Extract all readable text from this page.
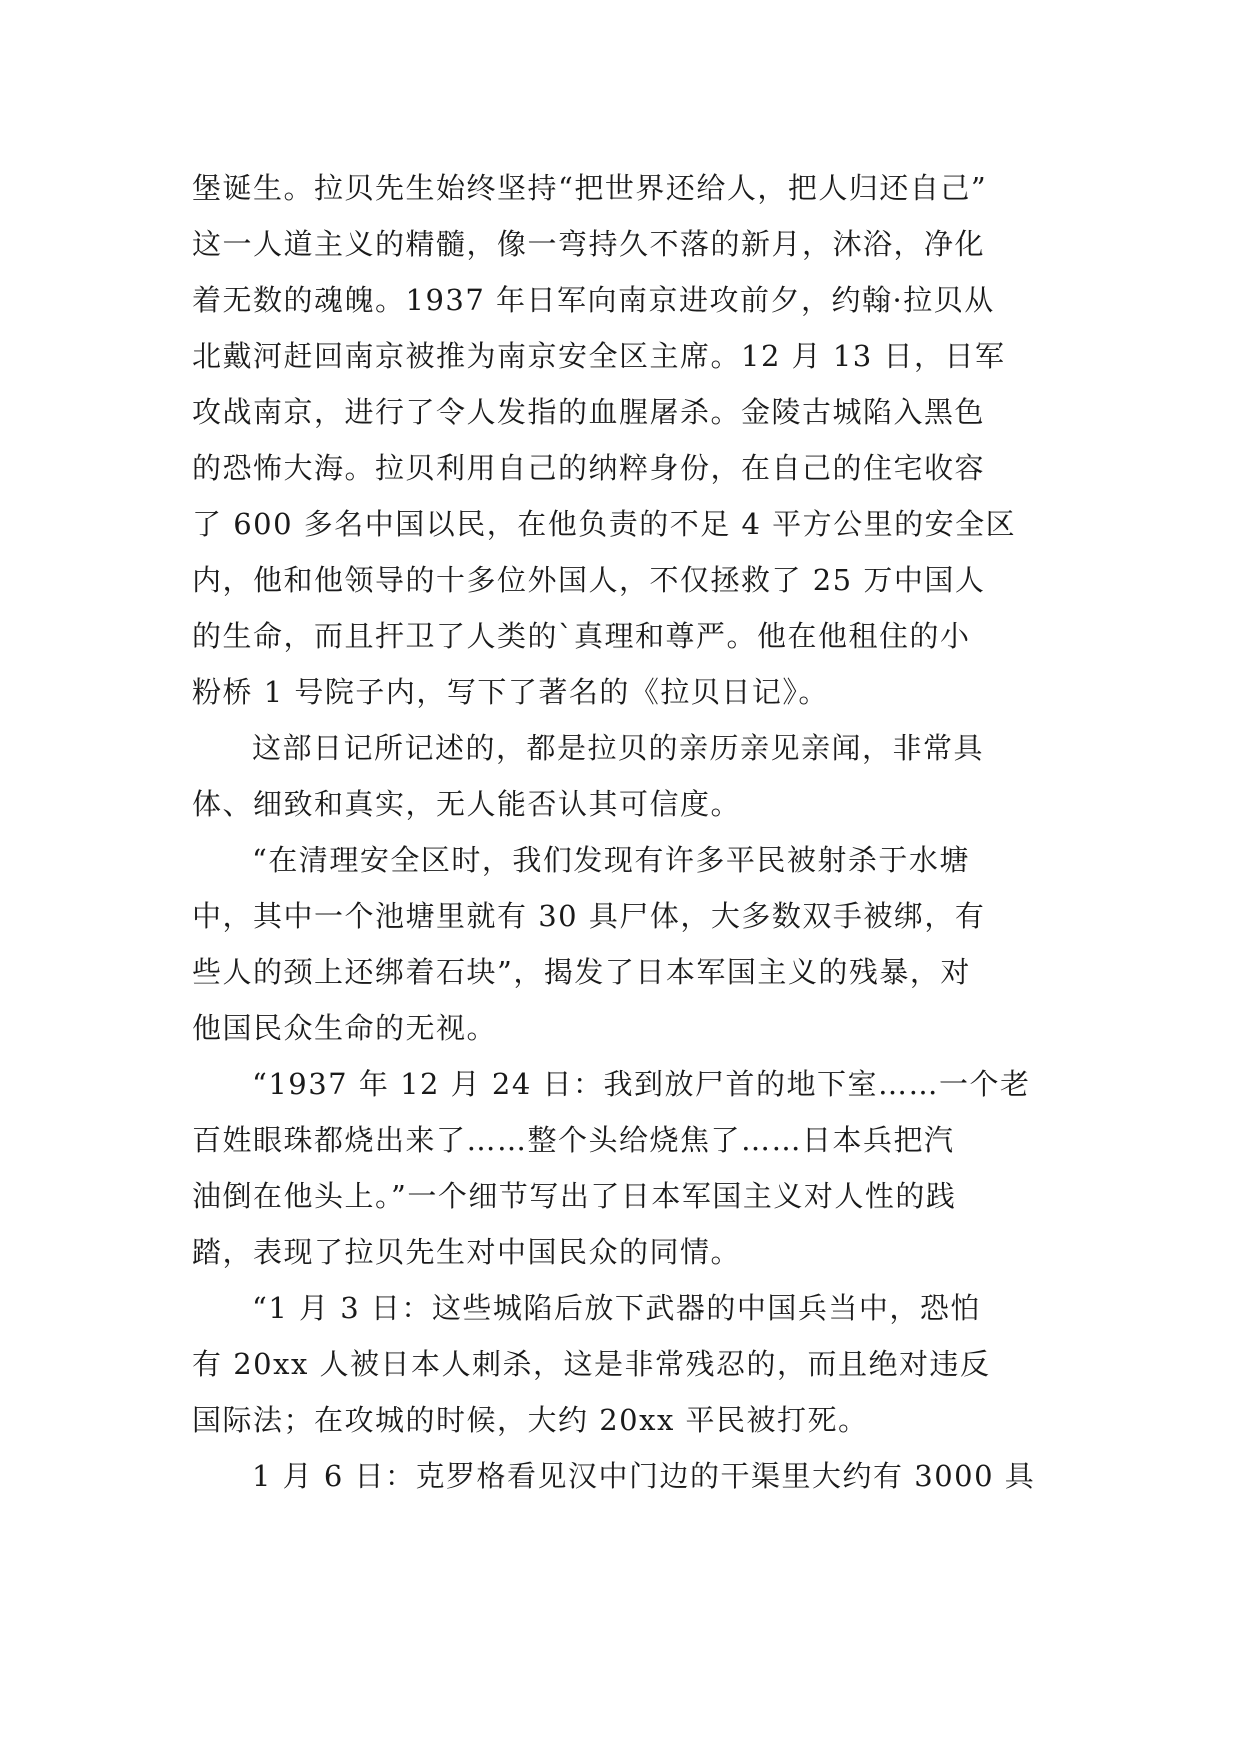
堡诞生。拉贝先生始终坚持“把世界还给人，把人归还自己”
这一人道主义的精髓，像一弯持久不落的新月，沐浴，净化
着无数的魂魄。1937 年日军向南京进攻前夕，约翰·拉贝从
北戴河赶回南京被推为南京安全区主席。12 月 13 日，日军
攻战南京，进行了令人发指的血腥屠杀。金陵古城陷入黑色
的恐怖大海。拉贝利用自己的纳粹身份，在自己的住宅收容
了 600 多名中国以民，在他负责的不足 4 平方公里的安全区
内，他和他领导的十多位外国人，不仅拯救了 25 万中国人
的生命，而且扞卫了人类的`真理和尊严。他在他租住的小
粉桥 1 号院子内，写下了著名的《拉贝日记》。
这部日记所记述的，都是拉贝的亲历亲见亲闻，非常具
体、细致和真实，无人能否认其可信度。
“在清理安全区时，我们发现有许多平民被射杀于水塘
中，其中一个池塘里就有 30 具尸体，大多数双手被绑，有
些人的颈上还绑着石块”，揭发了日本军国主义的残暴，对
他国民众生命的无视。
“1937 年 12 月 24 日：我到放尸首的地下室……一个老
百姓眼珠都烧出来了……整个头给烧焦了……日本兵把汽
油倒在他头上。”一个细节写出了日本军国主义对人性的践
踏，表现了拉贝先生对中国民众的同情。
“1 月 3 日：这些城陷后放下武器的中国兵当中，恐怕
有 20xx 人被日本人刺杀，这是非常残忍的，而且绝对违反
国际法；在攻城的时候，大约 20xx 平民被打死。
1 月 6 日：克罗格看见汉中门边的干渠里大约有 3000 具
